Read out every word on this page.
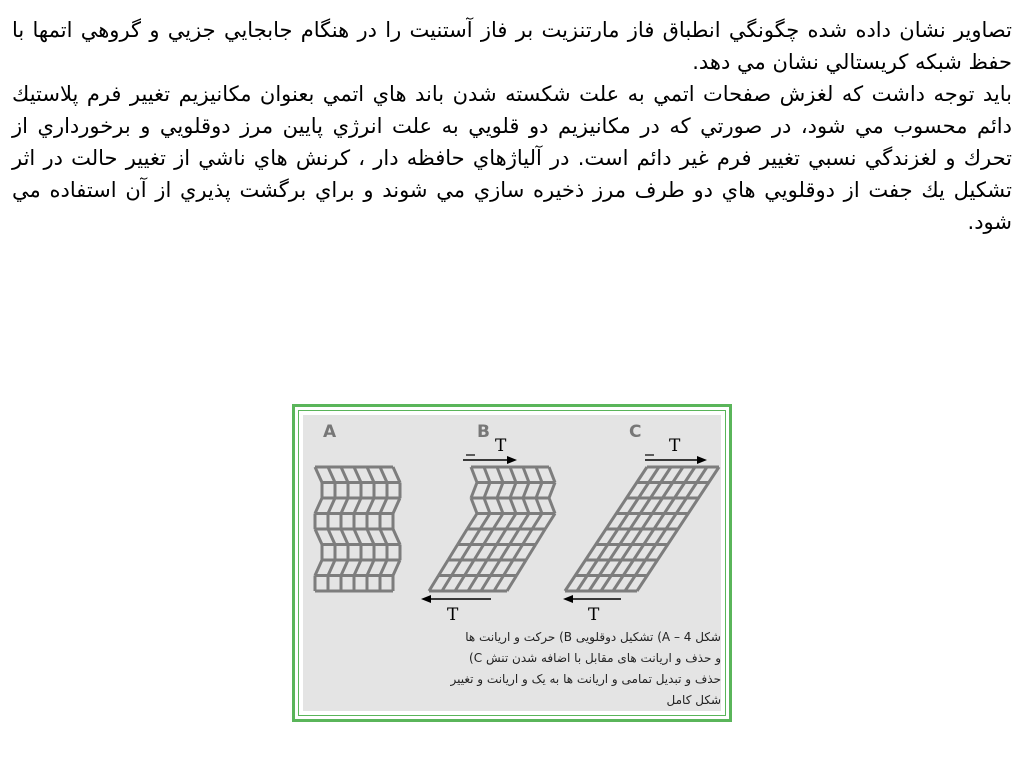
تصاوير نشان داده شده چگونگي انطباق فاز مارتنزيت بر فاز آستنيت را در هنگام جابجايي جزيي و گروهي اتمها با حفظ شبكه كريستالي نشان مي دهد.

بايد توجه داشت كه لغزش صفحات اتمي به علت شكسته شدن باند هاي اتمي بعنوان مكانيزيم تغيير فرم پلاستيك دائم محسوب مي شود، در صورتي كه در مكانيزيم دو قلويي به علت انرژي پايين مرز دوقلويي و برخورداري از تحرك و لغزندگي نسبي تغيير فرم غير دائم است. در آلياژهاي حافظه دار ، كرنش هاي ناشي از تغيير حالت در اثر تشكيل يك جفت از دوقلويي هاي دو طرف مرز ذخيره سازي مي شوند و براي برگشت پذيري از آن استفاده مي شود.

A	B	C
T	T
T	T
شکل 4 – A) تشکیل دوقلویی B) حرکت و اریانت ها
و حذف و اریانت های مقابل با اضافه شدن تنش C)
حذف و تبدیل تمامی و اریانت ها به یک و اریانت و تغییر
شکل کامل
